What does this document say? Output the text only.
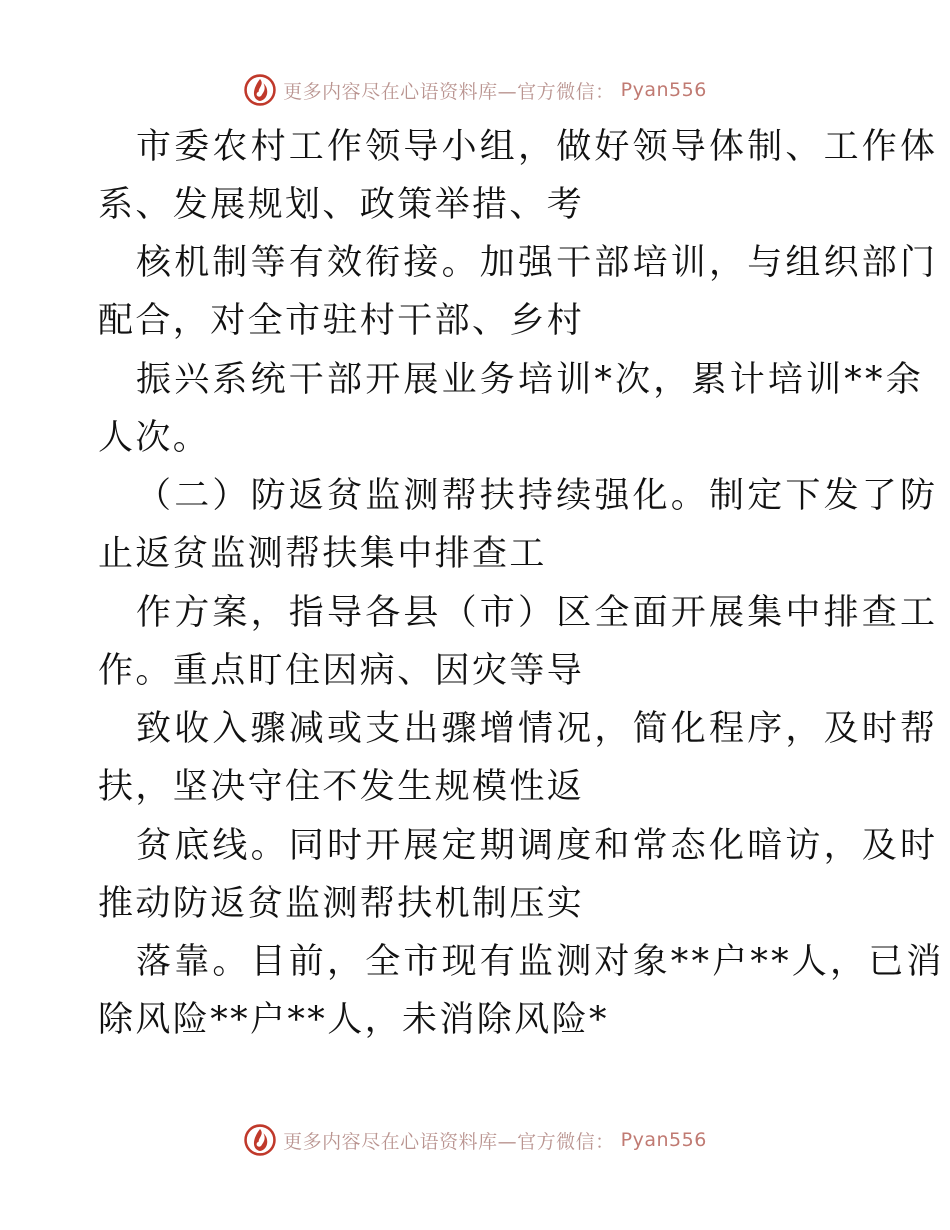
更多内容尽在心语资料库—官方微信： Pyan556
市委农村工作领导小组，做好领导体制、工作体
系、发展规划、政策举措、考
核机制等有效衔接。加强干部培训，与组织部门
配合，对全市驻村干部、乡村
振兴系统干部开展业务培训*次，累计培训**余
人次。
（二）防返贫监测帮扶持续强化。制定下发了防
止返贫监测帮扶集中排查工
作方案，指导各县（市）区全面开展集中排查工
作。重点盯住因病、因灾等导
致收入骤减或支出骤增情况，简化程序，及时帮
扶，坚决守住不发生规模性返
贫底线。同时开展定期调度和常态化暗访，及时
推动防返贫监测帮扶机制压实
落靠。目前，全市现有监测对象**户**人，已消
除风险**户**人，未消除风险*
更多内容尽在心语资料库—官方微信： Pyan556
